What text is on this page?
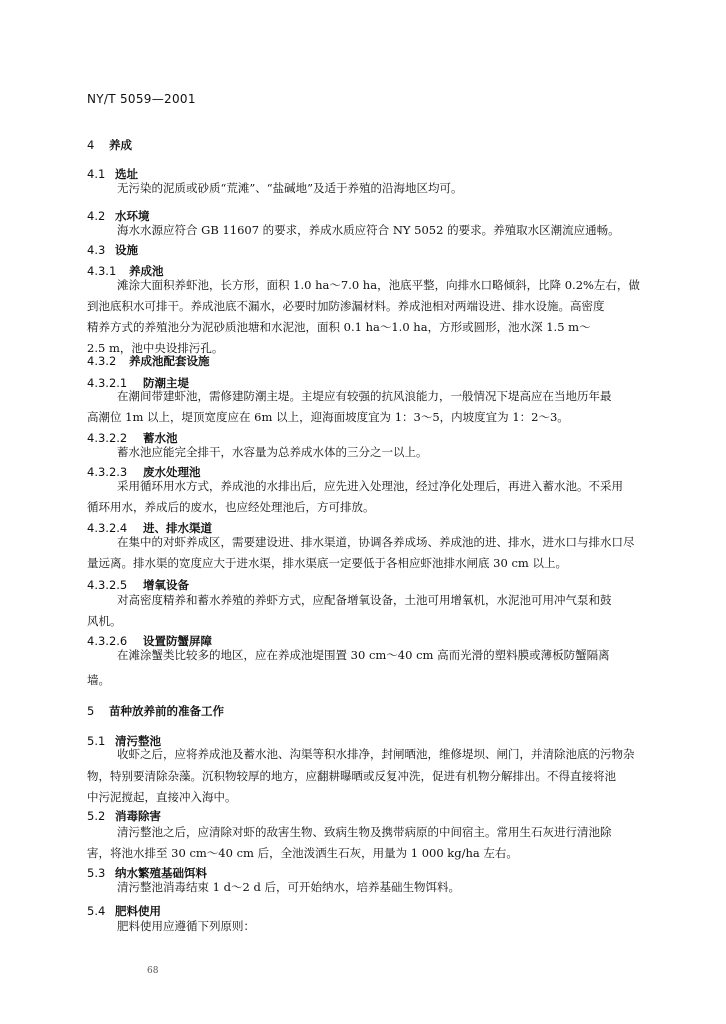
NY/T 5059—2001
4 养成
4.1 选址
无污染的泥质或砂质“荒滩”、“盐碱地”及适于养殖的沿海地区均可。
4.2 水环境
海水水源应符合 GB 11607 的要求，养成水质应符合 NY 5052 的要求。养殖取水区潮流应通畅。
4.3 设施
4.3.1 养成池
滩涂大面积养虾池，长方形，面积 1.0 ha～7.0 ha，池底平整，向排水口略倾斜，比降 0.2%左右，做
到池底积水可排干。养成池底不漏水，必要时加防渗漏材料。养成池相对两端设进、排水设施。高密度
精养方式的养殖池分为泥砂质池塘和水泥池，面积 0.1 ha～1.0 ha，方形或圆形，池水深 1.5 m～
2.5 m，池中央设排污孔。
4.3.2 养成池配套设施
4.3.2.1 防潮主堤
在潮间带建虾池，需修建防潮主堤。主堤应有较强的抗风浪能力，一般情况下堤高应在当地历年最
高潮位 1m 以上，堤顶宽度应在 6m 以上，迎海面坡度宜为 1：3～5，内坡度宜为 1：2～3。
4.3.2.2 蓄水池
蓄水池应能完全排干，水容量为总养成水体的三分之一以上。
4.3.2.3 废水处理池
采用循环用水方式，养成池的水排出后，应先进入处理池，经过净化处理后，再进入蓄水池。不采用
循环用水，养成后的废水，也应经处理池后，方可排放。
4.3.2.4 进、排水渠道
在集中的对虾养成区，需要建设进、排水渠道，协调各养成场、养成池的进、排水，进水口与排水口尽
量远离。排水渠的宽度应大于进水渠，排水渠底一定要低于各相应虾池排水闸底 30 cm 以上。
4.3.2.5 增氧设备
对高密度精养和蓄水养殖的养虾方式，应配备增氧设备，土池可用增氧机，水泥池可用冲气泵和鼓
风机。
4.3.2.6 设置防蟹屏障
在滩涂蟹类比较多的地区，应在养成池堤围置 30 cm～40 cm 高而光滑的塑料膜或薄板防蟹隔离
墙。
5 苗种放养前的准备工作
5.1 清污整池
收虾之后，应将养成池及蓄水池、沟渠等积水排净，封闸晒池，维修堤坝、闸门，并清除池底的污物杂
物，特别要清除杂藻。沉积物较厚的地方，应翻耕曝晒或反复冲洗，促进有机物分解排出。不得直接将池
中污泥搅起，直接冲入海中。
5.2 消毒除害
清污整池之后，应清除对虾的敌害生物、致病生物及携带病原的中间宿主。常用生石灰进行清池除
害，将池水排至 30 cm～40 cm 后，全池泼洒生石灰，用量为 1 000 kg/ha 左右。
5.3 纳水繁殖基础饵料
清污整池消毒结束 1 d～2 d 后，可开始纳水，培养基础生物饵料。
5.4 肥料使用
肥料使用应遵循下列原则：
68
